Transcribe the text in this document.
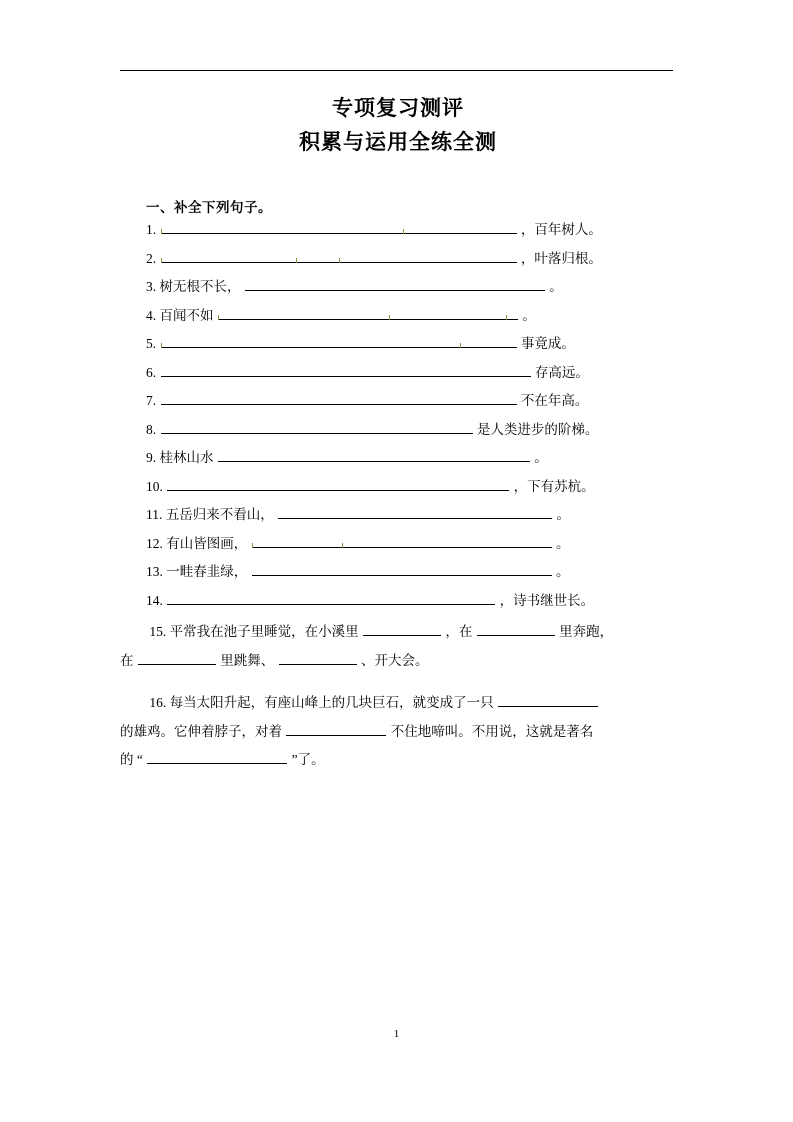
专项复习测评
积累与运用全练全测
一、补全下列句子。
1.	，百年树人。
2.	，叶落归根。
3. 树无根不长，	。
4. 百闻不如	。
5.	事竟成。
6.	存高远。
7.	不在年高。
8.	是人类进步的阶梯。
9. 桂林山水	。
10.	，下有苏杭。
11. 五岳归来不看山，	。
12. 有山皆图画，	。
13. 一畦春韭绿，	。
14.	，诗书继世长。
15. 平常我在池子里睡觉，在小溪里	，在	里奔跑，
在	里跳舞、	、开大会。
16. 每当太阳升起，有座山峰上的几块巨石，就变成了一只
的雄鸡。它伸着脖子，对着	不住地啼叫。不用说，这就是著名
的 “	”了。
1
